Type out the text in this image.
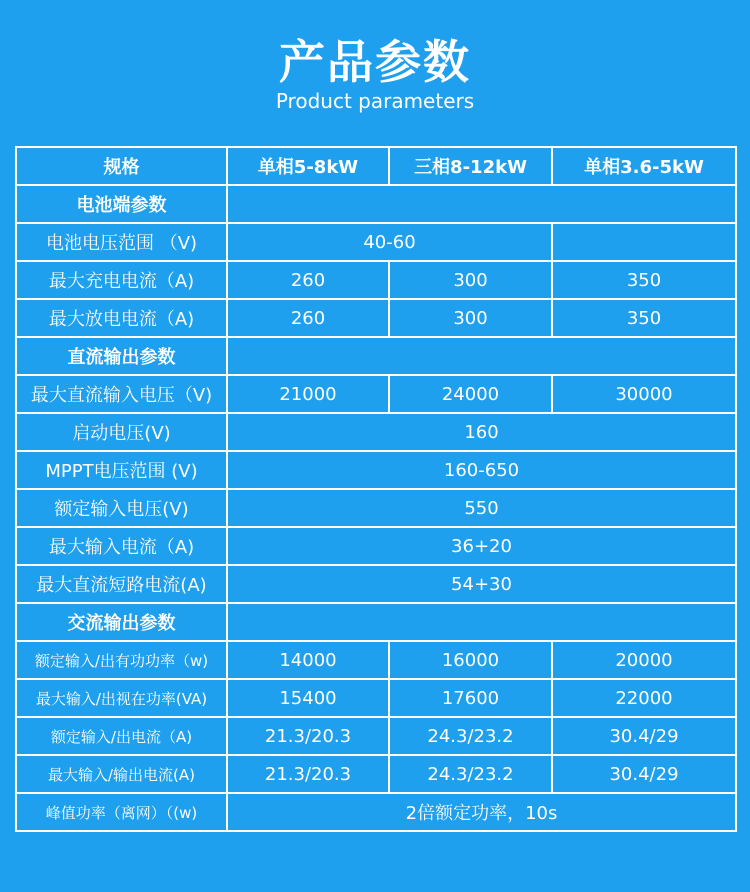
产品参数
Product parameters
规格	单相5-8kW	三相8-12kW	单相3.6-5kW
电池端参数			
电池电压范围 （V)	40-60		
最大充电电流（A)	260	300	350
最大放电电流（A)	260	300	350
直流输出参数			
最大直流输入电压（V)	21000	24000	30000
启动电压(V)	160		
MPPT电压范围 (V)	160-650		
额定输入电压(V)	550		
最大输入电流（A)	36+20		
最大直流短路电流(A)	54+30		
交流输出参数			
额定输入/出有功功率（w)	14000	16000	20000
最大输入/出视在功率(VA)	15400	17600	22000
额定输入/出电流（A)	21.3/20.3	24.3/23.2	30.4/29
最大输入/输出电流(A)	21.3/20.3	24.3/23.2	30.4/29
峰值功率（离网）（(w)	2倍额定功率，10s		
